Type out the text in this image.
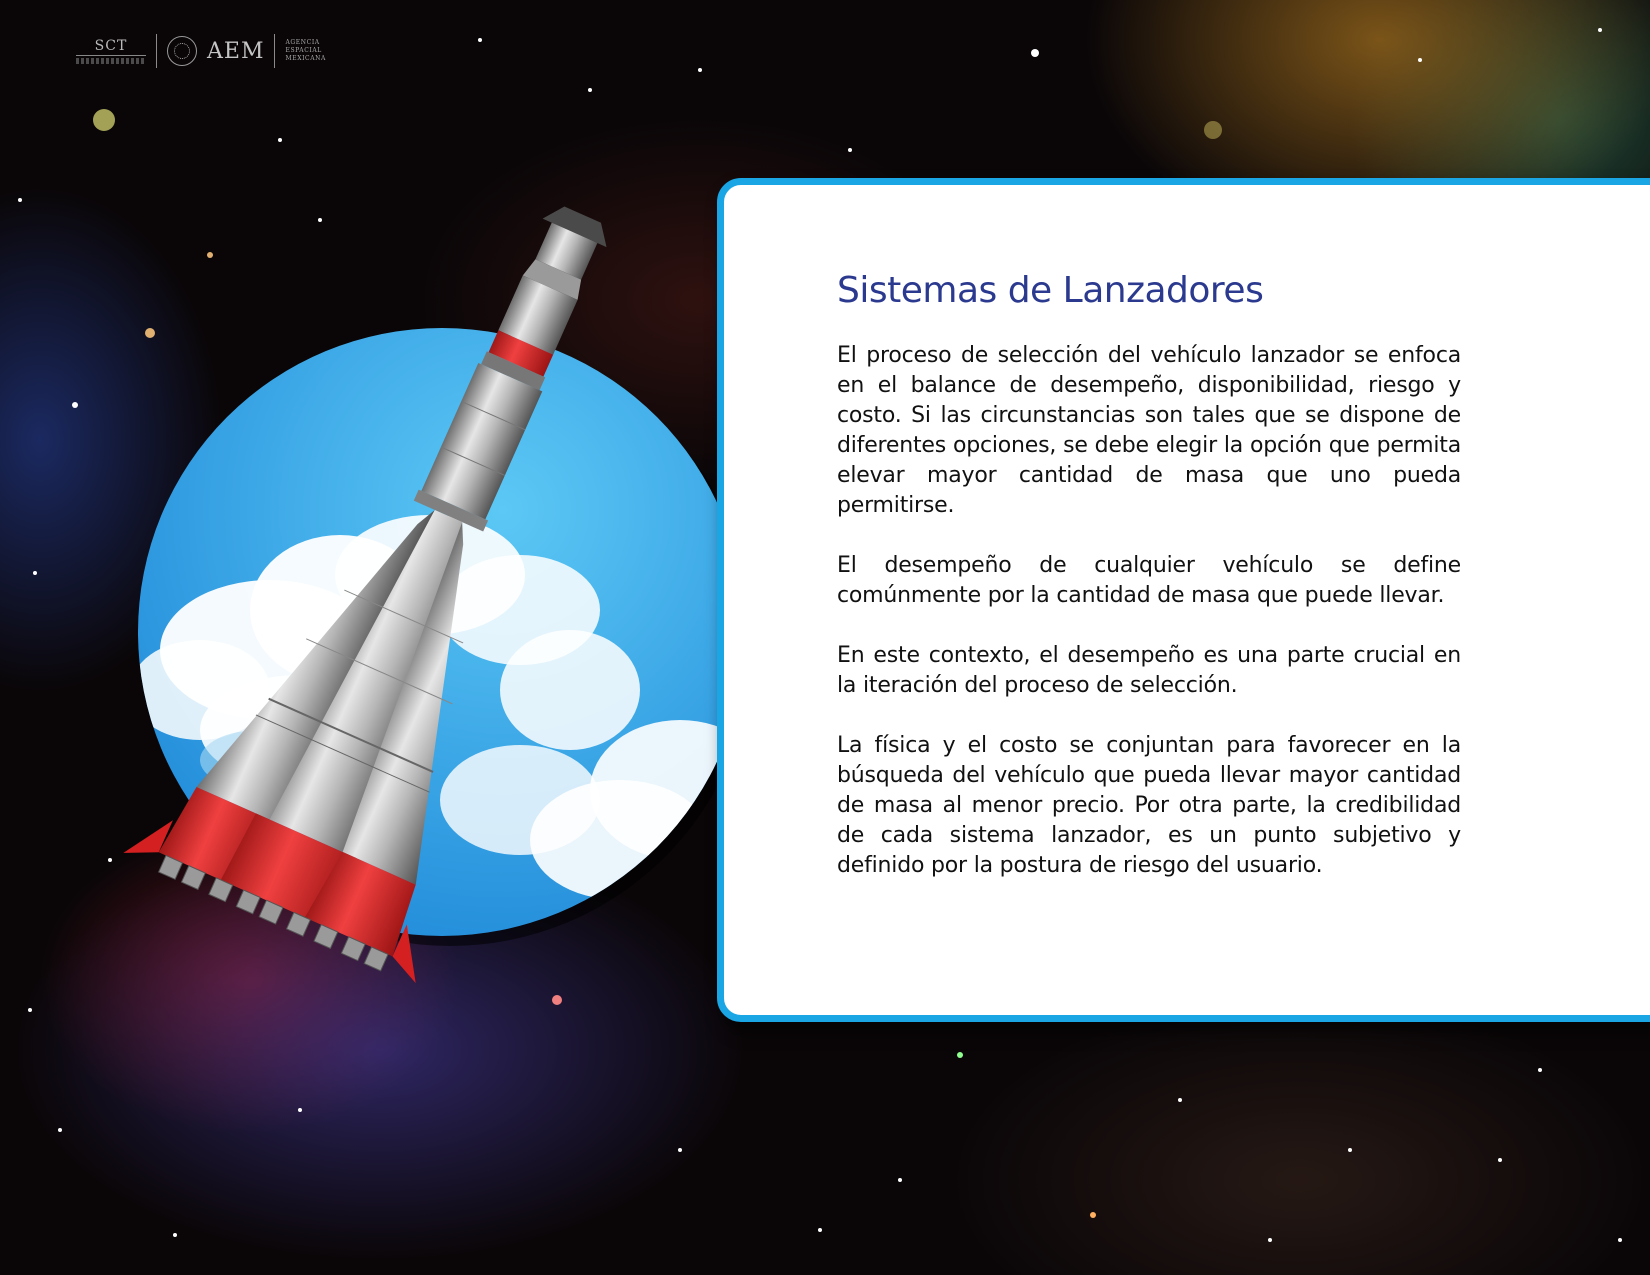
SCT	AEM	AGENCIA
ESPACIAL
MEXICANA
Sistemas de Lanzadores

El proceso de selección del vehículo lanzador se enfoca en el balance de desempeño, disponibilidad, riesgo y costo. Si las circunstancias son tales que se dispone de diferentes opciones, se debe elegir la opción que permita elevar mayor cantidad de masa que uno pueda permitirse.

El desempeño de cualquier vehículo se define comúnmente por la cantidad de masa que puede llevar.

En este contexto, el desempeño es una parte crucial en la iteración del proceso de selección.

La física y el costo se conjuntan para favorecer en la búsqueda del vehículo que pueda llevar mayor cantidad de masa al menor precio. Por otra parte, la credibilidad de cada sistema lanzador, es un punto subjetivo y definido por la postura de riesgo del usuario.
